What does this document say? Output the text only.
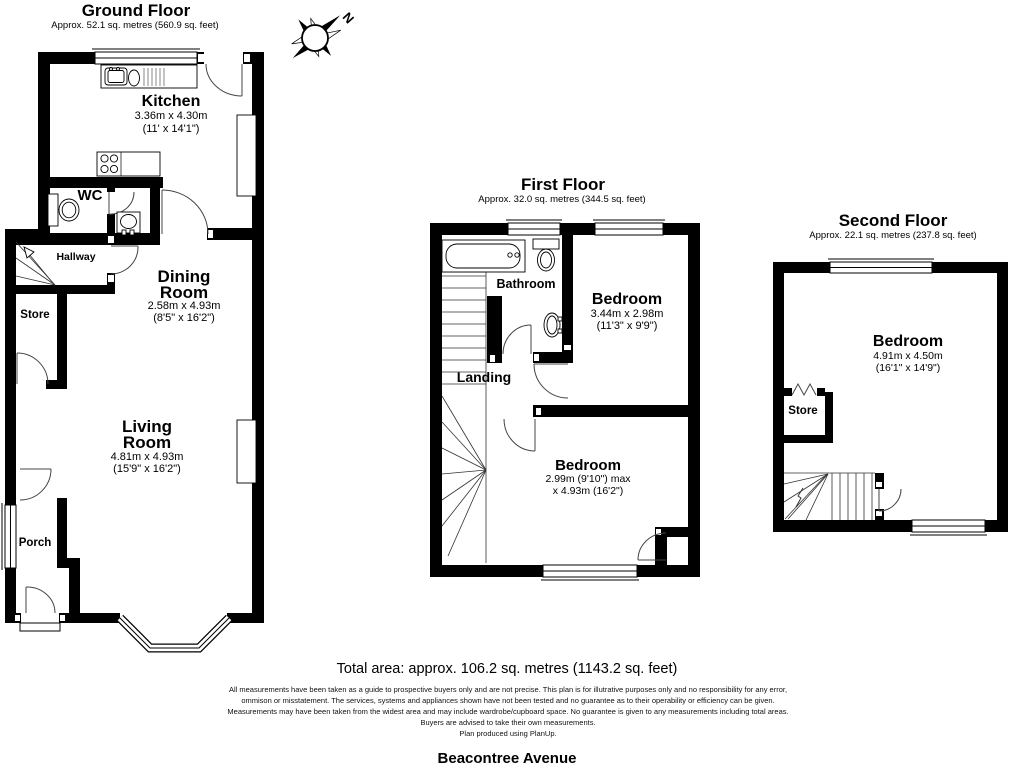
N
Ground Floor
Approx. 52.1 sq. metres (560.9 sq. feet)
Kitchen
3.36m x 4.30m
(11' x 14'1")
WC
Hallway
Store
Dining
Room
2.58m x 4.93m
(8'5" x 16'2")
Living
Room
4.81m x 4.93m
(15'9" x 16'2")
Porch
First Floor
Approx. 32.0 sq. metres (344.5 sq. feet)
Bathroom
Bedroom
3.44m x 2.98m
(11'3" x 9'9")
Landing
Bedroom
2.99m (9'10") max
x 4.93m (16'2")
Second Floor
Approx. 22.1 sq. metres (237.8 sq. feet)
Bedroom
4.91m x 4.50m
(16'1" x 14'9")
Store
Total area: approx. 106.2 sq. metres (1143.2 sq. feet)
All measurements have been taken as a guide to prospective buyers only and are not precise. This plan is for illutrative purposes only and no responsibility for any error,
ommison or misstatement. The services, systems and appliances shown have not been tested and no guarantee as to their operability or efficiency can be given.
Measurements may have been taken from the widest area and may include wardrobe/cupboard space. No guarantee is given to any measurements including total areas.
Buyers are advised to take their own measurements.
Plan produced using PlanUp.
Beacontree Avenue
